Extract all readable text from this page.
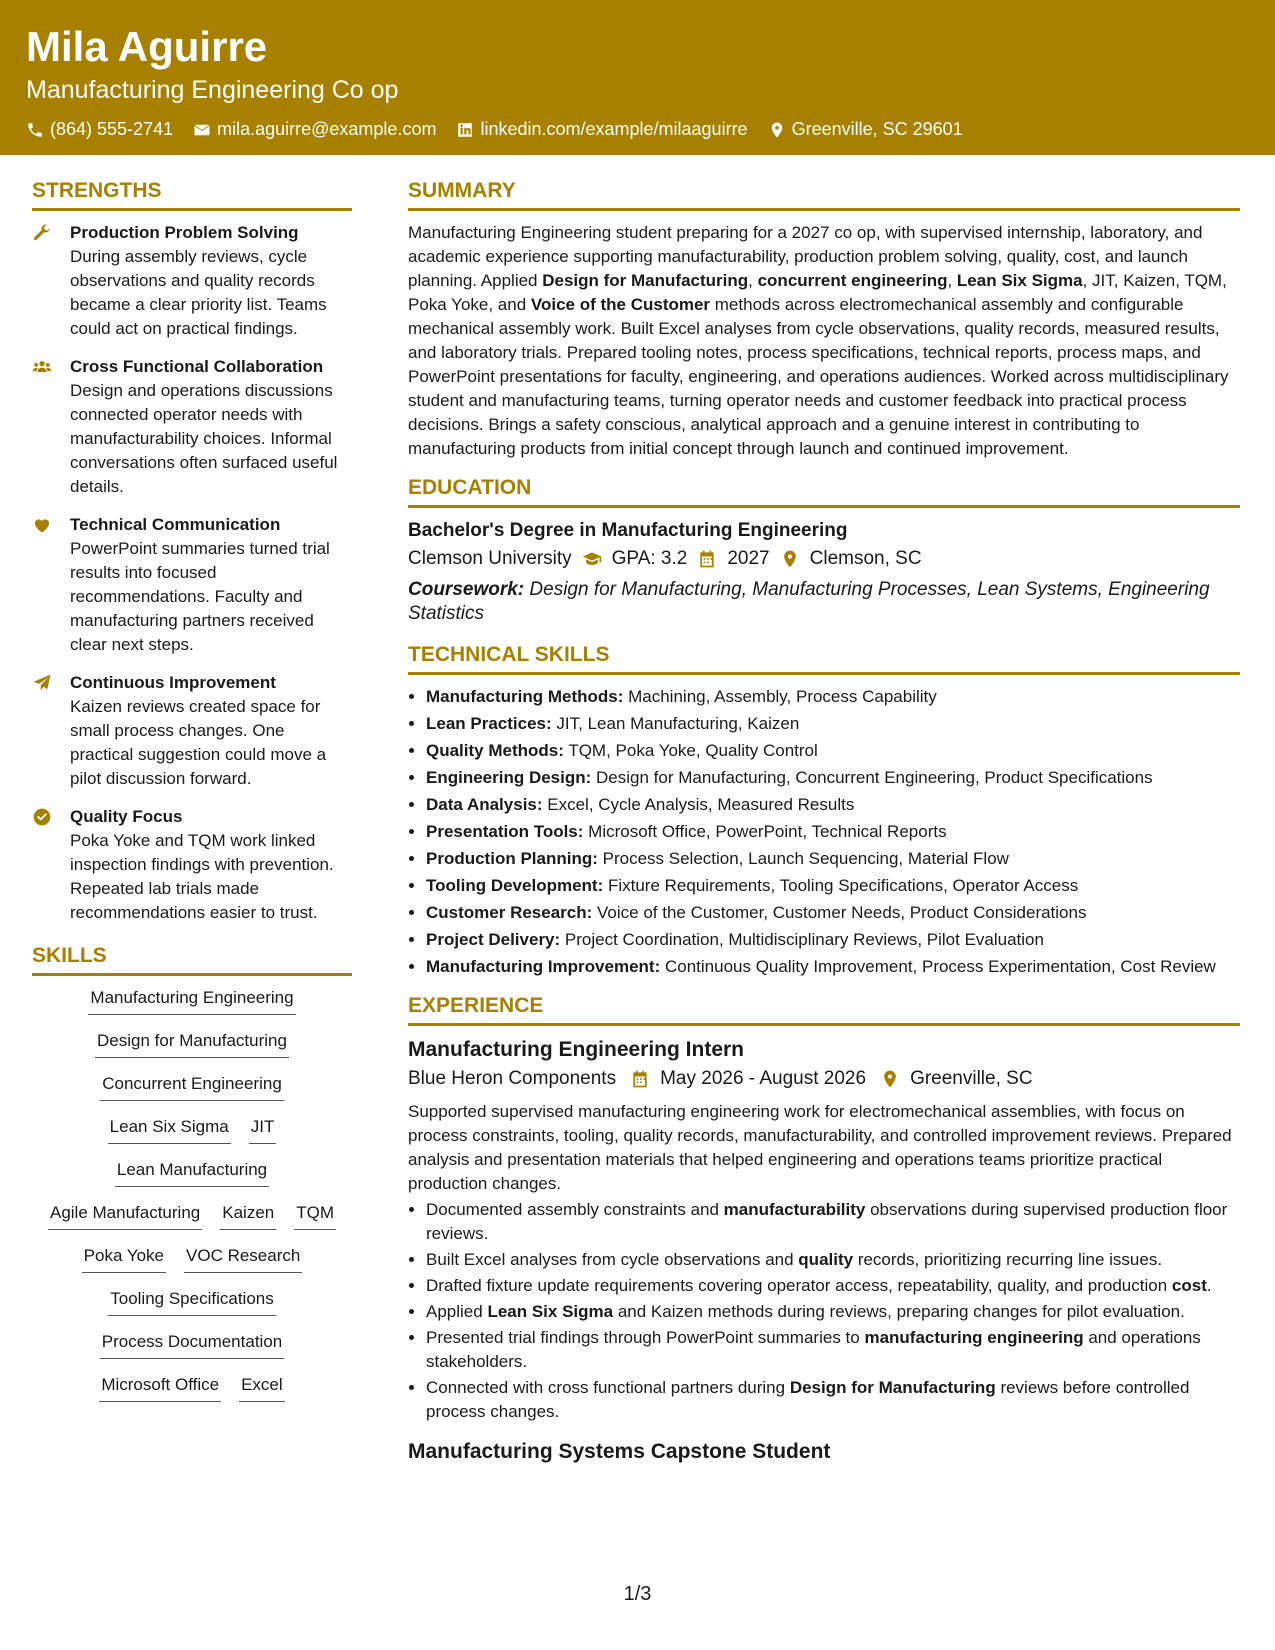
Mila Aguirre
Manufacturing Engineering Co op
(864) 555-2741 mila.aguirre@example.com linkedin.com/example/milaaguirre Greenville, SC 29601
STRENGTHS
Production Problem Solving
During assembly reviews, cycle observations and quality records became a clear priority list. Teams could act on practical findings.
Cross Functional Collaboration
Design and operations discussions connected operator needs with manufacturability choices. Informal conversations often surfaced useful details.
Technical Communication
PowerPoint summaries turned trial results into focused recommendations. Faculty and manufacturing partners received clear next steps.
Continuous Improvement
Kaizen reviews created space for small process changes. One practical suggestion could move a pilot discussion forward.
Quality Focus
Poka Yoke and TQM work linked inspection findings with prevention. Repeated lab trials made recommendations easier to trust.
SKILLS
Manufacturing Engineering
Design for Manufacturing
Concurrent Engineering
Lean Six Sigma JIT
Lean Manufacturing
Agile Manufacturing Kaizen TQM
Poka Yoke VOC Research
Tooling Specifications
Process Documentation
Microsoft Office Excel
SUMMARY

Manufacturing Engineering student preparing for a 2027 co op, with supervised internship, laboratory, and academic experience supporting manufacturability, production problem solving, quality, cost, and launch planning. Applied Design for Manufacturing, concurrent engineering, Lean Six Sigma, JIT, Kaizen, TQM, Poka Yoke, and Voice of the Customer methods across electromechanical assembly and configurable mechanical assembly work. Built Excel analyses from cycle observations, quality records, measured results, and laboratory trials. Prepared tooling notes, process specifications, technical reports, process maps, and PowerPoint presentations for faculty, engineering, and operations audiences. Worked across multidisciplinary student and manufacturing teams, turning operator needs and customer feedback into practical process decisions. Brings a safety conscious, analytical approach and a genuine interest in contributing to manufacturing products from initial concept through launch and continued improvement.

EDUCATION
Bachelor's Degree in Manufacturing Engineering
Clemson University GPA: 3.2 2027 Clemson, SC
Coursework: Design for Manufacturing, Manufacturing Processes, Lean Systems, Engineering Statistics
TECHNICAL SKILLS
• Manufacturing Methods: Machining, Assembly, Process Capability
• Lean Practices: JIT, Lean Manufacturing, Kaizen
• Quality Methods: TQM, Poka Yoke, Quality Control
• Engineering Design: Design for Manufacturing, Concurrent Engineering, Product Specifications
• Data Analysis: Excel, Cycle Analysis, Measured Results
• Presentation Tools: Microsoft Office, PowerPoint, Technical Reports
• Production Planning: Process Selection, Launch Sequencing, Material Flow
• Tooling Development: Fixture Requirements, Tooling Specifications, Operator Access
• Customer Research: Voice of the Customer, Customer Needs, Product Considerations
• Project Delivery: Project Coordination, Multidisciplinary Reviews, Pilot Evaluation
• Manufacturing Improvement: Continuous Quality Improvement, Process Experimentation, Cost Review
EXPERIENCE
Manufacturing Engineering Intern
Blue Heron Components May 2026 - August 2026 Greenville, SC

Supported supervised manufacturing engineering work for electromechanical assemblies, with focus on process constraints, tooling, quality records, manufacturability, and controlled improvement reviews. Prepared analysis and presentation materials that helped engineering and operations teams prioritize practical production changes.

• Documented assembly constraints and manufacturability observations during supervised production floor reviews.
• Built Excel analyses from cycle observations and quality records, prioritizing recurring line issues.
• Drafted fixture update requirements covering operator access, repeatability, quality, and production cost.
• Applied Lean Six Sigma and Kaizen methods during reviews, preparing changes for pilot evaluation.
• Presented trial findings through PowerPoint summaries to manufacturing engineering and operations stakeholders.
• Connected with cross functional partners during Design for Manufacturing reviews before controlled process changes.
Manufacturing Systems Capstone Student
1/3
